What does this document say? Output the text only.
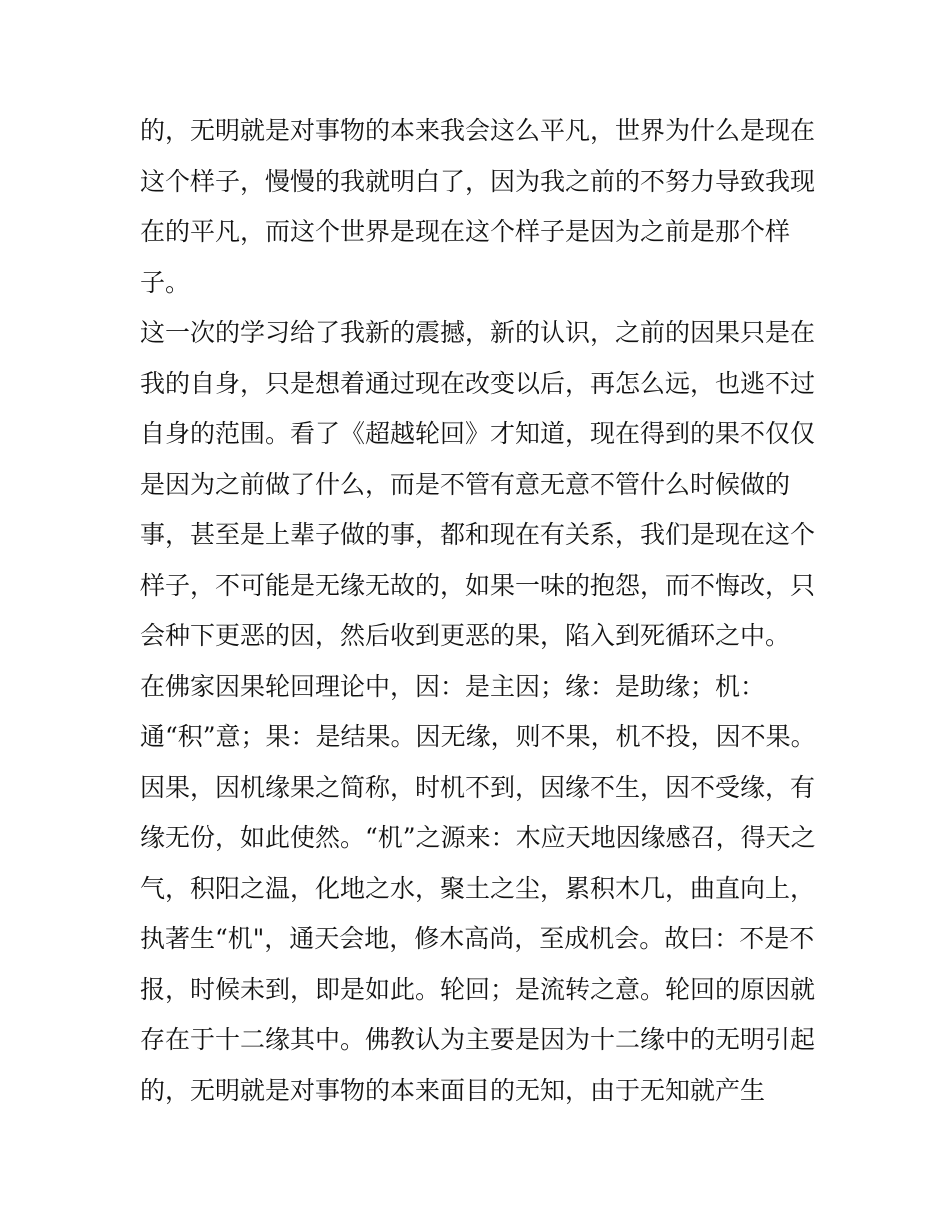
的，无明就是对事物的本来我会这么平凡，世界为什么是现在
这个样子，慢慢的我就明白了，因为我之前的不努力导致我现
在的平凡，而这个世界是现在这个样子是因为之前是那个样
子。
这一次的学习给了我新的震撼，新的认识，之前的因果只是在
我的自身，只是想着通过现在改变以后，再怎么远，也逃不过
自身的范围。看了《超越轮回》才知道，现在得到的果不仅仅
是因为之前做了什么，而是不管有意无意不管什么时候做的
事，甚至是上辈子做的事，都和现在有关系，我们是现在这个
样子，不可能是无缘无故的，如果一味的抱怨，而不悔改，只
会种下更恶的因，然后收到更恶的果，陷入到死循环之中。
在佛家因果轮回理论中，因：是主因；缘：是助缘；机：
通“积”意；果：是结果。因无缘，则不果，机不投，因不果。
因果，因机缘果之简称，时机不到，因缘不生，因不受缘，有
缘无份，如此使然。“机”之源来：木应天地因缘感召，得天之
气，积阳之温，化地之水，聚土之尘，累积木几，曲直向上，
执著生“机"，通天会地，修木高尚，至成机会。故曰：不是不
报，时候未到，即是如此。轮回；是流转之意。轮回的原因就
存在于十二缘其中。佛教认为主要是因为十二缘中的无明引起
的，无明就是对事物的本来面目的无知，由于无知就产生
